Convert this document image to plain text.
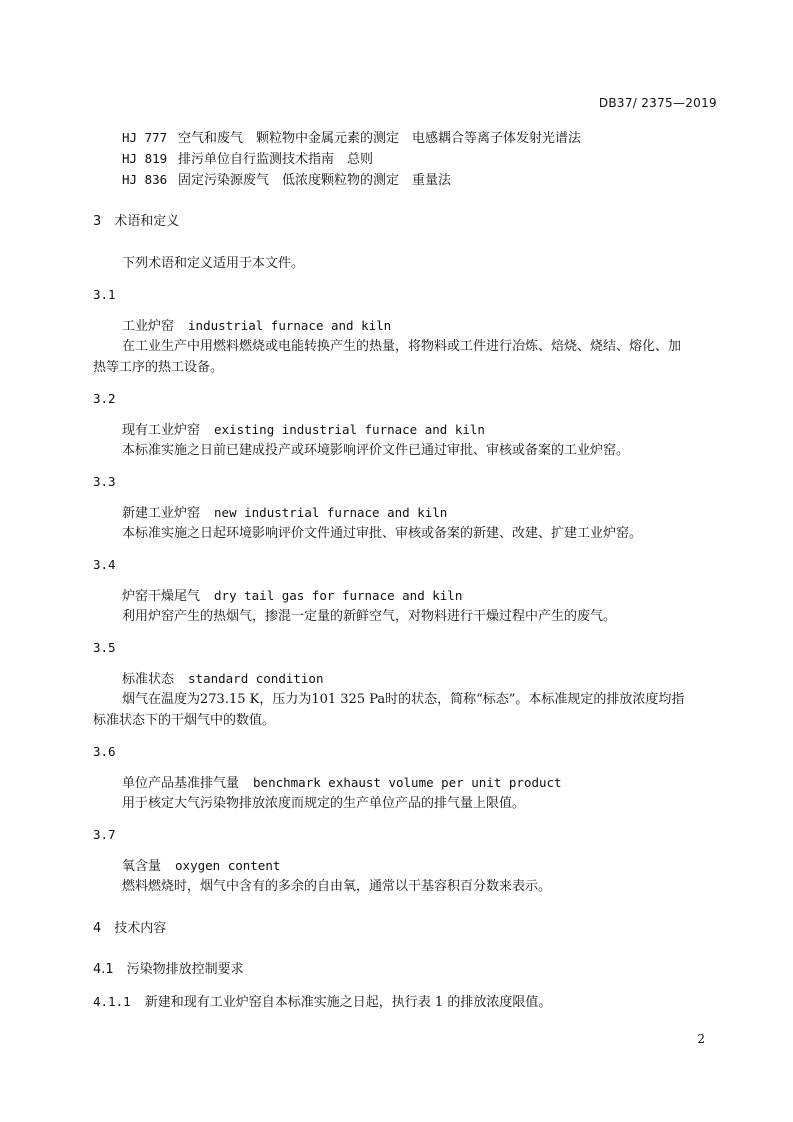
DB37/ 2375—2019
HJ 777 空气和废气　颗粒物中金属元素的测定　电感耦合等离子体发射光谱法
HJ 819 排污单位自行监测技术指南　总则
HJ 836 固定污染源废气　低浓度颗粒物的测定　重量法
3　术语和定义
下列术语和定义适用于本文件。
3.1
工业炉窑 industrial furnace and kiln
在工业生产中用燃料燃烧或电能转换产生的热量，将物料或工件进行冶炼、焙烧、烧结、熔化、加
热等工序的热工设备。
3.2
现有工业炉窑 existing industrial furnace and kiln
本标准实施之日前已建成投产或环境影响评价文件已通过审批、审核或备案的工业炉窑。
3.3
新建工业炉窑 new industrial furnace and kiln
本标准实施之日起环境影响评价文件通过审批、审核或备案的新建、改建、扩建工业炉窑。
3.4
炉窑干燥尾气 dry tail gas for furnace and kiln
利用炉窑产生的热烟气，掺混一定量的新鲜空气，对物料进行干燥过程中产生的废气。
3.5
标准状态 standard condition
烟气在温度为273.15 K，压力为101 325 Pa时的状态，简称“标态”。本标准规定的排放浓度均指
标准状态下的干烟气中的数值。
3.6
单位产品基准排气量 benchmark exhaust volume per unit product
用于核定大气污染物排放浓度而规定的生产单位产品的排气量上限值。
3.7
氧含量 oxygen content
燃料燃烧时，烟气中含有的多余的自由氧，通常以干基容积百分数来表示。
4　技术内容
4.1　污染物排放控制要求
4.1.1 新建和现有工业炉窑自本标准实施之日起，执行表 1 的排放浓度限值。
2
